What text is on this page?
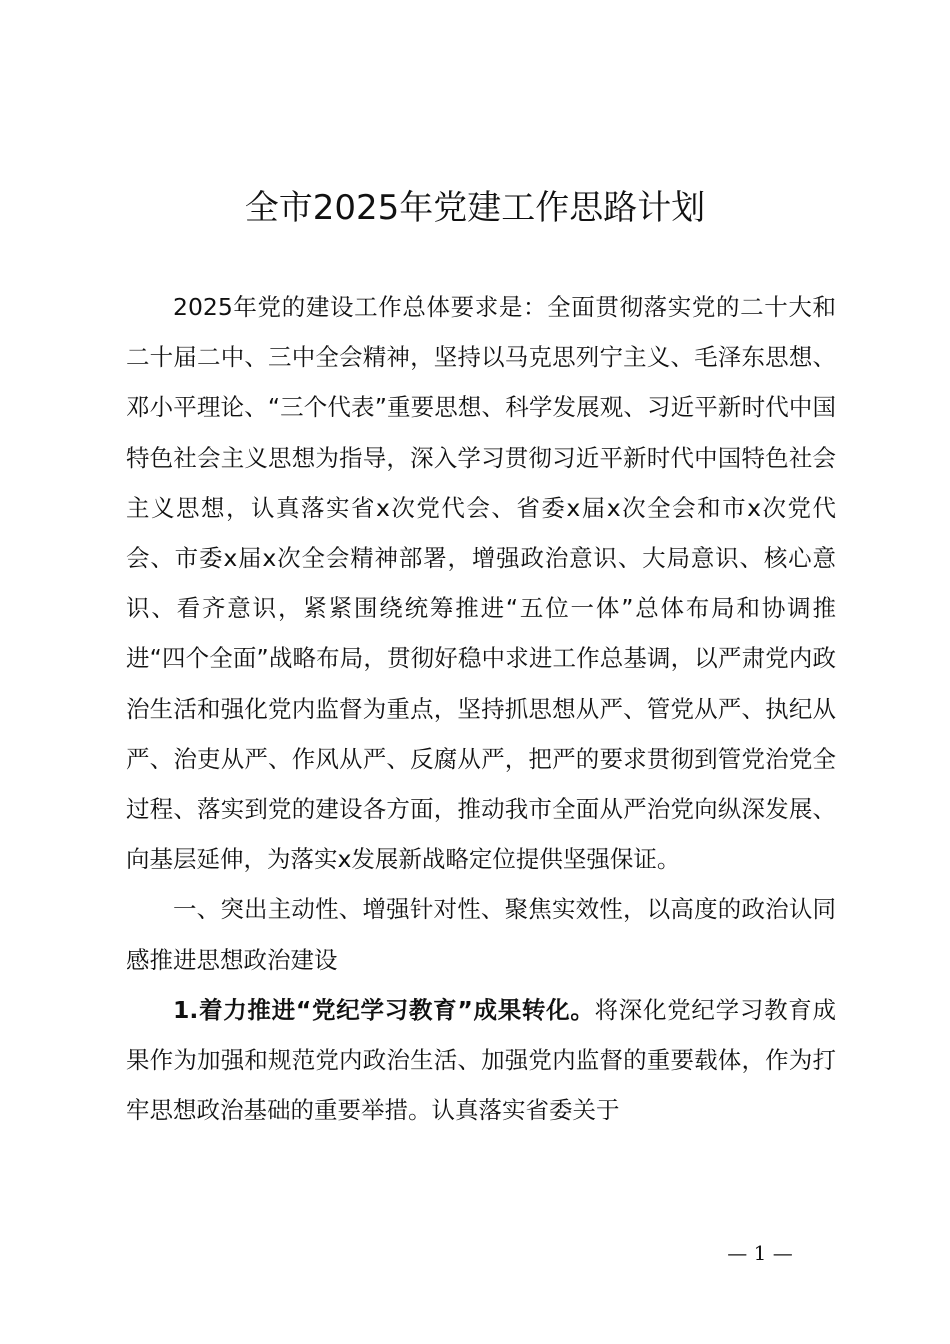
全市2025年党建工作思路计划

2025年党的建设工作总体要求是：全面贯彻落实党的二十大和二十届二中、三中全会精神，坚持以马克思列宁主义、毛泽东思想、邓小平理论、“三个代表”重要思想、科学发展观、习近平新时代中国特色社会主义思想为指导，深入学习贯彻习近平新时代中国特色社会主义思想，认真落实省x次党代会、省委x届x次全会和市x次党代会、市委x届x次全会精神部署，增强政治意识、大局意识、核心意识、看齐意识，紧紧围绕统筹推进“五位一体”总体布局和协调推进“四个全面”战略布局，贯彻好稳中求进工作总基调，以严肃党内政治生活和强化党内监督为重点，坚持抓思想从严、管党从严、执纪从严、治吏从严、作风从严、反腐从严，把严的要求贯彻到管党治党全过程、落实到党的建设各方面，推动我市全面从严治党向纵深发展、向基层延伸，为落实x发展新战略定位提供坚强保证。

一、突出主动性、增强针对性、聚焦实效性，以高度的政治认同感推进思想政治建设

1.着力推进“党纪学习教育”成果转化。将深化党纪学习教育成果作为加强和规范党内政治生活、加强党内监督的重要载体，作为打牢思想政治基础的重要举措。认真落实省委关于

— 1 —
